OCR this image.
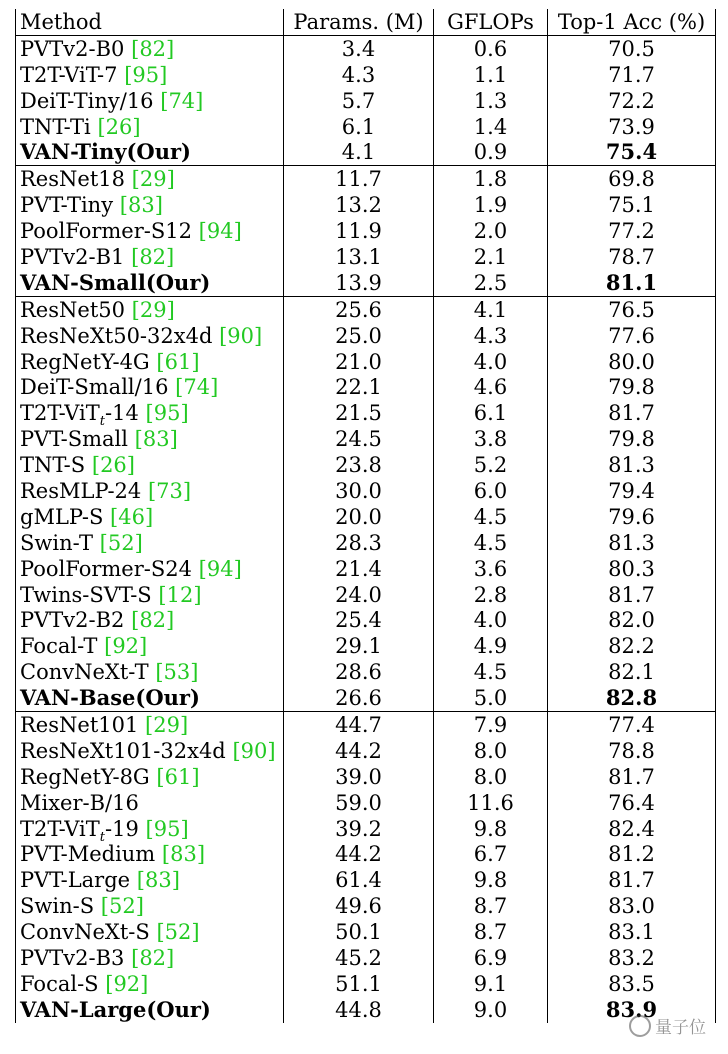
Method	Params. (M)	GFLOPs	Top-1 Acc (%)
PVTv2-B0 [82]	3.4	0.6	70.5
T2T-ViT-7 [95]	4.3	1.1	71.7
DeiT-Tiny/16 [74]	5.7	1.3	72.2
TNT-Ti [26]	6.1	1.4	73.9
VAN-Tiny(Our)	4.1	0.9	75.4
ResNet18 [29]	11.7	1.8	69.8
PVT-Tiny [83]	13.2	1.9	75.1
PoolFormer-S12 [94]	11.9	2.0	77.2
PVTv2-B1 [82]	13.1	2.1	78.7
VAN-Small(Our)	13.9	2.5	81.1
ResNet50 [29]	25.6	4.1	76.5
ResNeXt50-32x4d [90]	25.0	4.3	77.6
RegNetY-4G [61]	21.0	4.0	80.0
DeiT-Small/16 [74]	22.1	4.6	79.8
T2T-ViT$_t$-14 [95]	21.5	6.1	81.7
PVT-Small [83]	24.5	3.8	79.8
TNT-S [26]	23.8	5.2	81.3
ResMLP-24 [73]	30.0	6.0	79.4
gMLP-S [46]	20.0	4.5	79.6
Swin-T [52]	28.3	4.5	81.3
PoolFormer-S24 [94]	21.4	3.6	80.3
Twins-SVT-S [12]	24.0	2.8	81.7
PVTv2-B2 [82]	25.4	4.0	82.0
Focal-T [92]	29.1	4.9	82.2
ConvNeXt-T [53]	28.6	4.5	82.1
VAN-Base(Our)	26.6	5.0	82.8
ResNet101 [29]	44.7	7.9	77.4
ResNeXt101-32x4d [90]	44.2	8.0	78.8
RegNetY-8G [61]	39.0	8.0	81.7
Mixer-B/16	59.0	11.6	76.4
T2T-ViT$_t$-19 [95]	39.2	9.8	82.4
PVT-Medium [83]	44.2	6.7	81.2
PVT-Large [83]	61.4	9.8	81.7
Swin-S [52]	49.6	8.7	83.0
ConvNeXt-S [52]	50.1	8.7	83.1
PVTv2-B3 [82]	45.2	6.9	83.2
Focal-S [92]	51.1	9.1	83.5
VAN-Large(Our)	44.8	9.0	83.9
量子位
